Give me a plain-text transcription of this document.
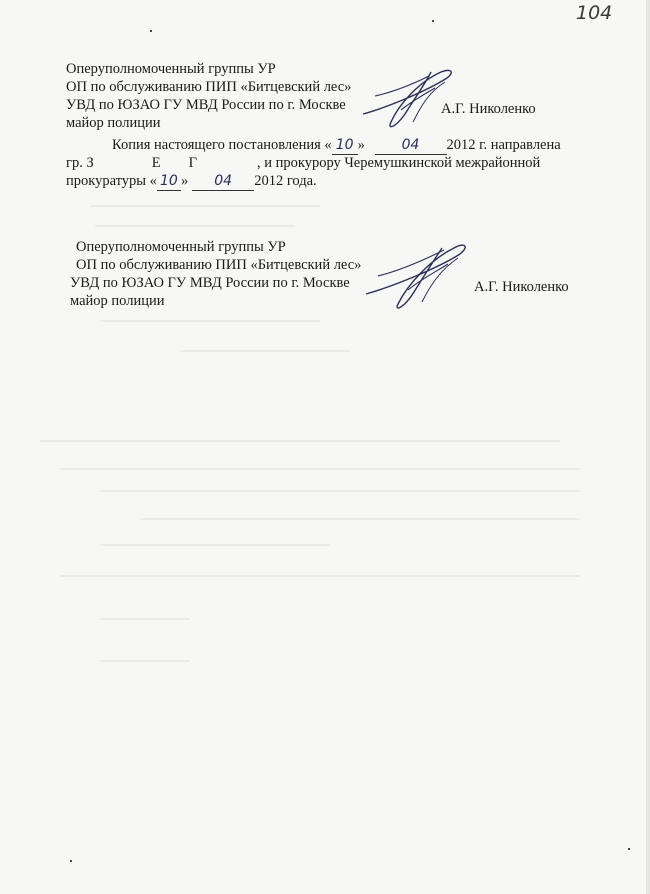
104
Оперуполномоченный группы УР
ОП по обслуживанию ПИП «Битцевский лес»
УВД по ЮЗАО ГУ МВД России по г. Москве
майор полиции
А.Г. Николенко
Копия настоящего постановления « 10 »	04 2012 г. направлена
гр. З	Е Г	, и прокурору Черемушкинской межрайонной
прокуратуры « 10 » 04 2012 года.
Оперуполномоченный группы УР
ОП по обслуживанию ПИП «Битцевский лес»
УВД по ЮЗАО ГУ МВД России по г. Москве
майор полиции
А.Г. Николенко
